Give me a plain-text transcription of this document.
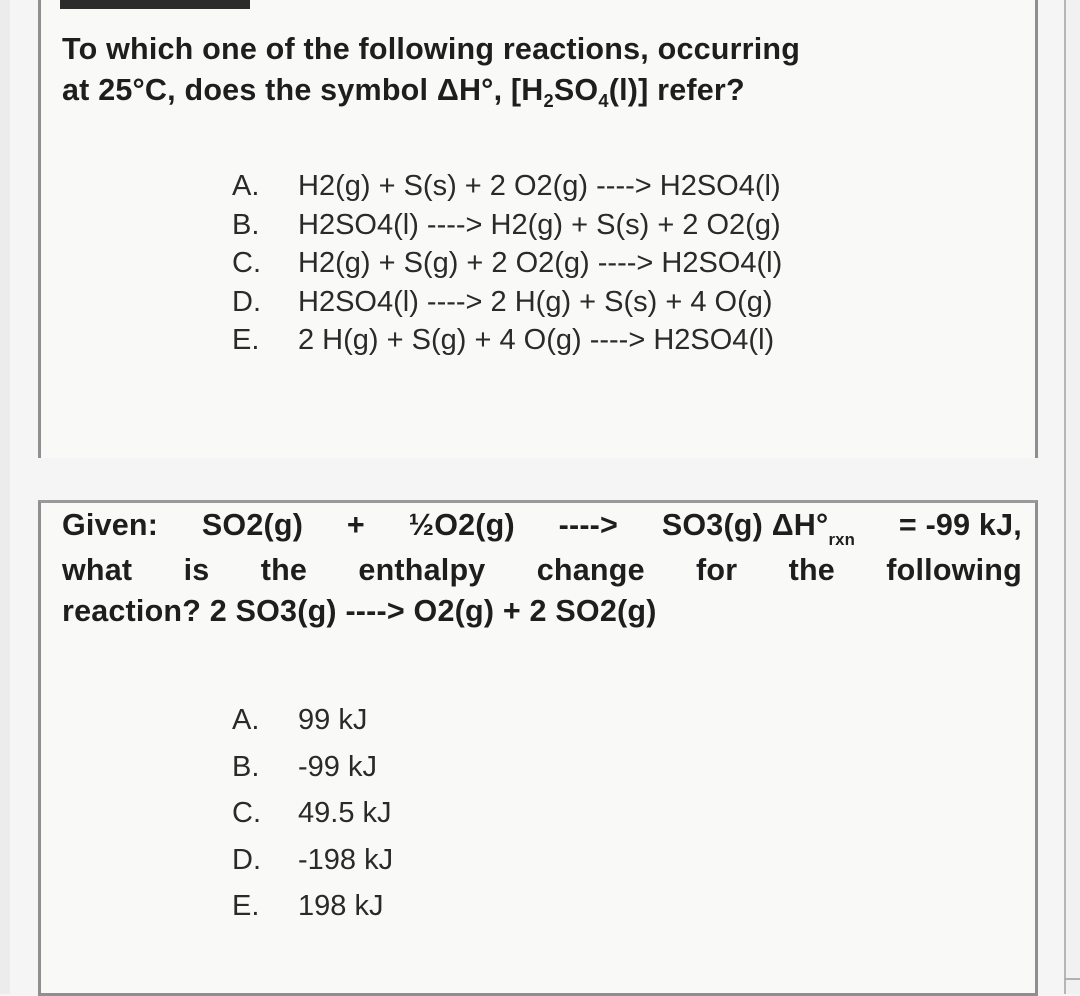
To which one of the following reactions, occurring
at 25°C, does the symbol ΔH°, $[H_2SO_4(l)]$ refer?
A.	H2(g) + S(s) + 2 O2(g) ----> H2SO4(l)
B.	H2SO4(l) ----> H2(g) + S(s) + 2 O2(g)
C.	H2(g) + S(g) + 2 O2(g) ----> H2SO4(l)
D.	H2SO4(l) ----> 2 H(g) + S(s) + 4 O(g)
E.	2 H(g) + S(g) + 4 O(g) ----> H2SO4(l)
Given: SO2(g) + ½O2(g) ----> SO3(g) $\Delta H^\circ_{rxn} = -99$ kJ,
what is the enthalpy change for the following
reaction? 2 SO3(g) ----> O2(g) + 2 SO2(g)
A.	99 kJ
B.	-99 kJ
C.	49.5 kJ
D.	-198 kJ
E.	198 kJ
